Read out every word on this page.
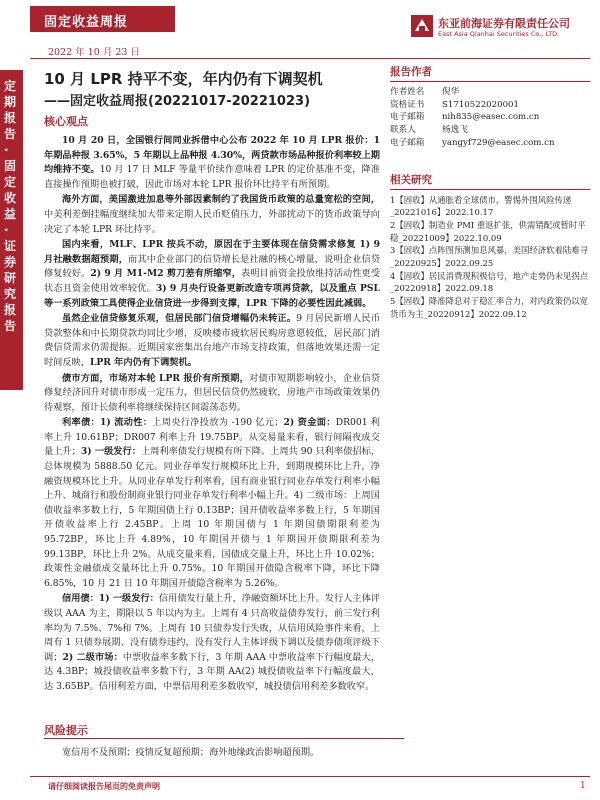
固定收益周报
2022 年 10 月 23 日
东亚前海证券有限责任公司
East Asia Qianhai Securities Co., LTD.
定期报告·固定收益·证券研究报告
10 月 LPR 持平不变，年内仍有下调契机
——固定收益周报(20221017-20221023)
核心观点

10 月 20 日，全国银行间同业拆借中心公布 2022 年 10 月 LPR 报价：1 年期品种报 3.65%，5 年期以上品种报 4.30%，两贷款市场品种报价利率较上期均维持不变。10 月 17 日 MLF 等量平价续作意味着 LPR 的定价基准不变，降准直接操作预期也被打破，因此市场对本轮 LPR 报价环比持平有所预期。

海外方面，美国激进加息等外部因素制约了我国货币政策的总量宽松的空间，中美利差倒挂幅度继续加大带来定期人民币贬值压力，外部扰动下的货币政策导向决定了本轮 LPR 环比持平。

国内来看，MLF、LPR 按兵不动，原因在于主要体现在信贷需求修复 1) 9 月社融数据超预期，而其中企业部门的信贷增长是社融的核心增量，说明企业信贷修复较好。2) 9 月 M1-M2 剪刀差有所缩窄，表明目前资金投放维持活动性更受状态且资金使用效率较优。3) 9 月央行设备更新改造专项再贷款，以及重点 PSL 等一系列政策工具使得企业信贷进一步得到支撑，LPR 下降的必要性因此减弱。

虽然企业信贷修复乐观，但居民部门信贷增幅仍未转正。9 月居民新增人民币贷款整体和中长期贷款均同比少增，反映楼市疲软居民购房意愿较低，居民部门消费信贷需求仍需提振。近期国家密集出台地产市场支持政策，但落地效果还需一定时间反映，LPR 年内仍有下调契机。

债市方面，市场对本轮 LPR 报价有所预期，对债市短期影响较小，企业信贷修复经济回升对债市形成一定压力，但居民信贷仍然疲软，房地产市场政策效果仍待观察，预计长债利率将继续保持区间震荡态势。

利率债：1) 流动性：上周央行净投放为 -190 亿元；2) 资金面：DR001 利率上升 10.61BP；DR007 利率上升 19.75BP。从交易量来看，银行间隔夜成交量上升；3) 一级发行：上周利率债发行规模有所下降。上周共 90 只利率债招标，总体规模为 5888.50 亿元。同业存单发行规模环比上升，到期规模环比上升，净融资规模环比上升。从同业存单发行利率看，国有商业银行同业存单发行利率小幅上升、城商行和股份制商业银行同业存单发行利率小幅上升。4) 二级市场：上周国债收益率多数上行，5 年期国债上行 0.13BP；国开债收益率多数上行，5 年期国开债收益率上行 2.45BP。上周 10 年期国债与 1 年期国债期限利差为 95.72BP，环比上升 4.89%，10 年期国开债与 1 年期国开债期限利差为 99.13BP，环比上升 2%。从成交量来看，国债成交量上升，环比上升 10.02%；政策性金融债成交量环比上升 0.75%。10 年期国开债隐含税率下降，环比下降 6.85%，10 月 21 日 10 年期国开债隐含税率为 5.26%。

信用债：1) 一级发行：信用债发行量上升，净融资额环比上升。发行人主体评级以 AAA 为主，期限以 5 年以内为主。上周有 4 只高收益债券发行，前三发行利率均为 7.5%、7%和 7%。上周有 10 只债券发行失败，从信用风险事件来看，上周有 1 只债券展期、没有债券违约，没有发行人主体评级下调以及债券债项评级下调；2) 二级市场：中票收益率多数下行，3 年期 AAA 中票收益率下行幅度最大，达 4.3BP；城投债收益率多数下行，3 年期 AA(2) 城投债收益率下行幅度最大，达 3.65BP。信用利差方面，中票信用利差多数收窄，城投债信用利差多数收窄。

风险提示
宽信用不及预期；疫情反复超预期；海外地缘政治影响超预期。
报告作者
作者姓名	倪华
资格证书	S1710522020001
电子邮箱	nih835@easec.com.cn
联系人	杨逸飞
电子邮箱	yangyf729@easec.com.cn
相关研究

1【固收】从通胀看全球债市，警惕外围风险传递_20221016】2022.10.17

2【固收】制造业 PMI 重返扩张，供需错配或暂时平稳_20221009】2022.10.09

3【固收】点阵图预测加息风暴，美国经济软着陆难寻_20220925】2022.09.25

4【固收】居民消费现积极信号，地产走势仍未见拐点_20220918】2022.09.18

5【固收】降准降息对于稳汇率合力，对内政策仍以宽货币为主_20220912】2022.09.12

请仔细阅读报告尾页的免责声明	1
